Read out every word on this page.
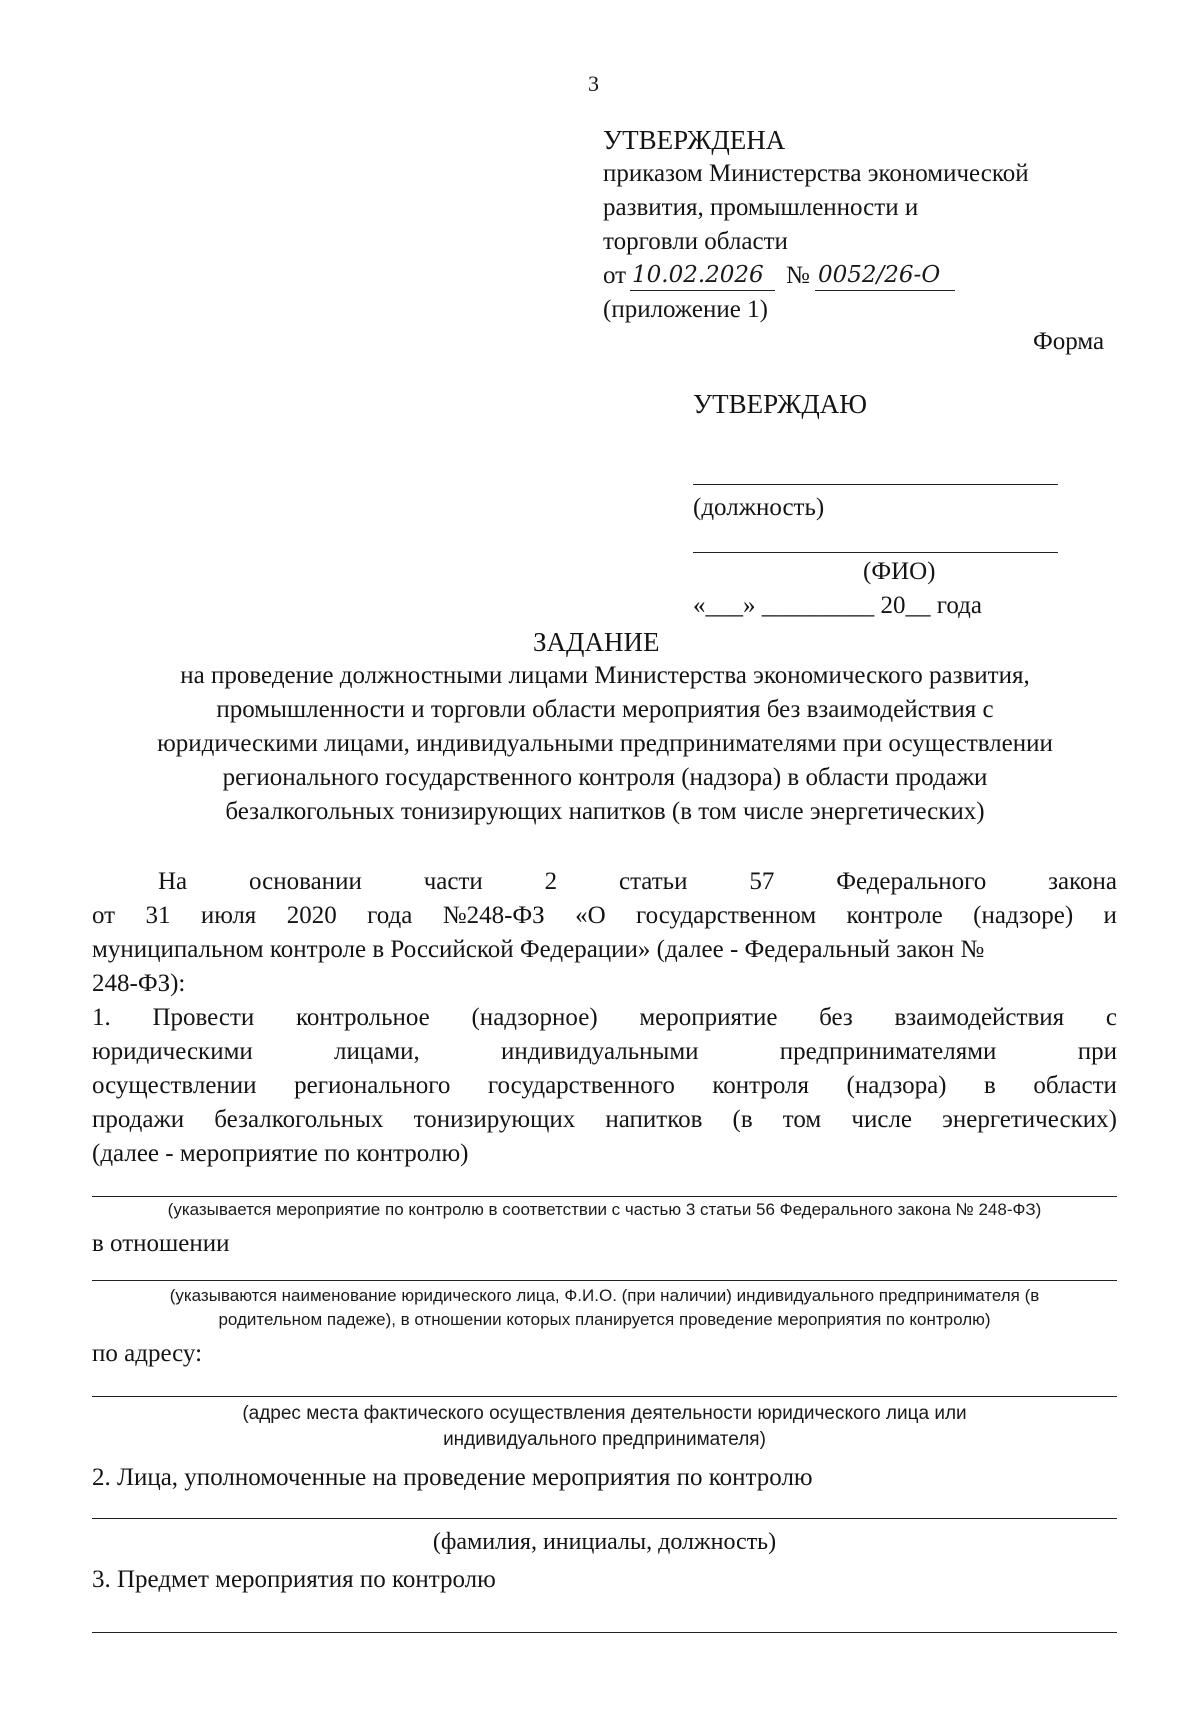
3
УТВЕРЖДЕНА
приказом Министерства экономической
развития, промышленности и
торговли области
от 10.02.2026 № 0052/26-О
(приложение 1)
Форма
УТВЕРЖДАЮ
(должность)
(ФИО)
«___» _________ 20__ года
ЗАДАНИЕ
на проведение должностными лицами Министерства экономического развития,
промышленности и торговли области мероприятия без взаимодействия с
юридическими лицами, индивидуальными предпринимателями при осуществлении
регионального государственного контроля (надзора) в области продажи
безалкогольных тонизирующих напитков (в том числе энергетических)
На основании части 2 статьи 57 Федерального закона
от 31 июля 2020 года №248-ФЗ «О государственном контроле (надзоре) и
муниципальном контроле в Российской Федерации» (далее - Федеральный закон №
248-ФЗ):
1. Провести контрольное (надзорное) мероприятие без взаимодействия с
юридическими	лицами,	индивидуальными	предпринимателями	при
осуществлении регионального государственного контроля (надзора) в области
продажи безалкогольных тонизирующих напитков (в том числе энергетических)
(далее - мероприятие по контролю)
(указывается мероприятие по контролю в соответствии с частью 3 статьи 56 Федерального закона № 248-ФЗ)
в отношении
(указываются наименование юридического лица, Ф.И.О. (при наличии) индивидуального предпринимателя (в
родительном падеже), в отношении которых планируется проведение мероприятия по контролю)
по адресу:
(адрес места фактического осуществления деятельности юридического лица или
индивидуального предпринимателя)
2. Лица, уполномоченные на проведение мероприятия по контролю
(фамилия, инициалы, должность)
3. Предмет мероприятия по контролю
